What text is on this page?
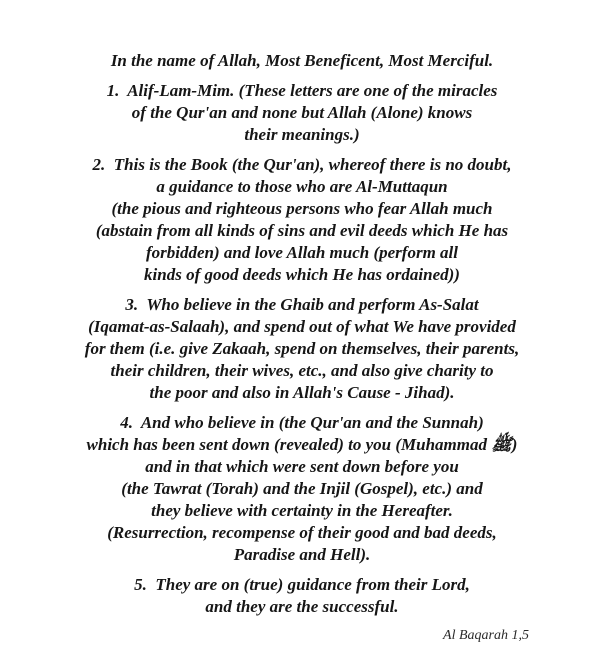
In the name of Allah, Most Beneficent, Most Merciful.

1.  Alif-Lam-Mim. (These letters are one of the miracles
of the Qur'an and none but Allah (Alone) knows
their meanings.)

2.  This is the Book (the Qur'an), whereof there is no doubt,
a guidance to those who are Al-Muttaqun
(the pious and righteous persons who fear Allah much
(abstain from all kinds of sins and evil deeds which He has
forbidden) and love Allah much (perform all
kinds of good deeds which He has ordained))

3.  Who believe in the Ghaib and perform As-Salat
(Iqamat-as-Salaah), and spend out of what We have provided
for them (i.e. give Zakaah, spend on themselves, their parents,
their children, their wives, etc., and also give charity to
the poor and also in Allah's Cause - Jihad).

4.  And who believe in (the Qur'an and the Sunnah)
which has been sent down (revealed) to you (Muhammad ﷺ)
and in that which were sent down before you
(the Tawrat (Torah) and the Injil (Gospel), etc.) and
they believe with certainty in the Hereafter.
(Resurrection, recompense of their good and bad deeds,
Paradise and Hell).

5.  They are on (true) guidance from their Lord,
and they are the successful.

Al Baqarah 1,5
